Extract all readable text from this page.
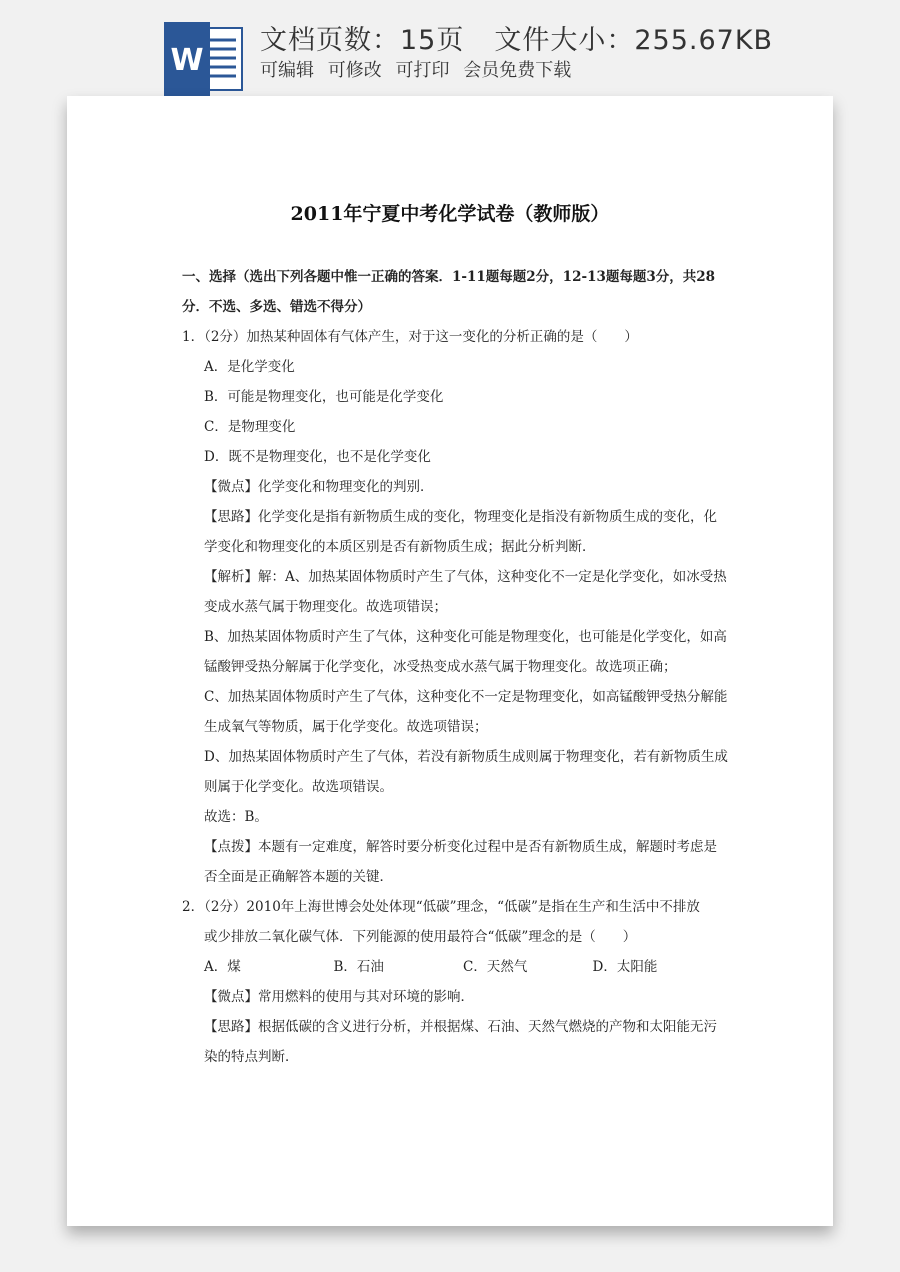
W
文档页数：15页 文件大小：255.67KB
可编辑 可修改 可打印 会员免费下载
2011年宁夏中考化学试卷（教师版）
一、选择（选出下列各题中惟一正确的答案．1-11题每题2分，12-13题每题3分，共28
分．不选、多选、错选不得分）
1．（2分）加热某种固体有气体产生，对于这一变化的分析正确的是（　　）
A．是化学变化
B．可能是物理变化，也可能是化学变化
C．是物理变化
D．既不是物理变化，也不是化学变化
【微点】化学变化和物理变化的判别．
【思路】化学变化是指有新物质生成的变化，物理变化是指没有新物质生成的变化，化
学变化和物理变化的本质区别是否有新物质生成；据此分析判断．
【解析】解：A、加热某固体物质时产生了气体，这种变化不一定是化学变化，如冰受热
变成水蒸气属于物理变化。故选项错误；
B、加热某固体物质时产生了气体，这种变化可能是物理变化，也可能是化学变化，如高
锰酸钾受热分解属于化学变化，冰受热变成水蒸气属于物理变化。故选项正确；
C、加热某固体物质时产生了气体，这种变化不一定是物理变化，如高锰酸钾受热分解能
生成氧气等物质，属于化学变化。故选项错误；
D、加热某固体物质时产生了气体，若没有新物质生成则属于物理变化，若有新物质生成
则属于化学变化。故选项错误。
故选：B。
【点拨】本题有一定难度，解答时要分析变化过程中是否有新物质生成，解题时考虑是
否全面是正确解答本题的关键．
2．（2分）2010年上海世博会处处体现“低碳”理念，“低碳”是指在生产和生活中不排放
或少排放二氧化碳气体．下列能源的使用最符合“低碳”理念的是（　　）
A．煤	B．石油	C．天然气	D．太阳能
【微点】常用燃料的使用与其对环境的影响．
【思路】根据低碳的含义进行分析，并根据煤、石油、天然气燃烧的产物和太阳能无污
染的特点判断．
